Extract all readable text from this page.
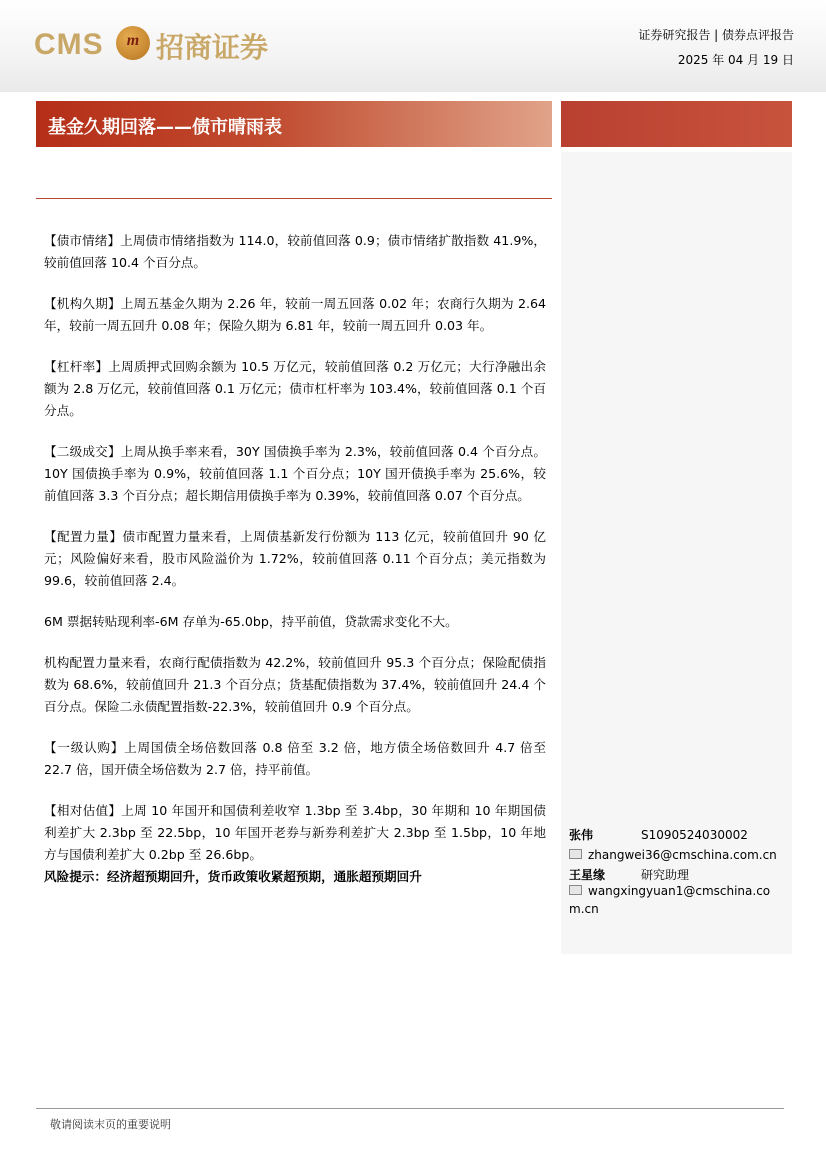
CMS	m 招商证券	证券研究报告 | 债券点评报告
2025 年 04 月 19 日
基金久期回落——债市晴雨表

【债市情绪】上周债市情绪指数为 114.0，较前值回落 0.9；债市情绪扩散指数 41.9%，较前值回落 10.4 个百分点。

【机构久期】上周五基金久期为 2.26 年，较前一周五回落 0.02 年；农商行久期为 2.64 年，较前一周五回升 0.08 年；保险久期为 6.81 年，较前一周五回升 0.03 年。

【杠杆率】上周质押式回购余额为 10.5 万亿元，较前值回落 0.2 万亿元；大行净融出余额为 2.8 万亿元，较前值回落 0.1 万亿元；债市杠杆率为 103.4%，较前值回落 0.1 个百分点。

【二级成交】上周从换手率来看，30Y 国债换手率为 2.3%，较前值回落 0.4 个百分点。10Y 国债换手率为 0.9%，较前值回落 1.1 个百分点；10Y 国开债换手率为 25.6%，较前值回落 3.3 个百分点；超长期信用债换手率为 0.39%，较前值回落 0.07 个百分点。

【配置力量】债市配置力量来看，上周债基新发行份额为 113 亿元，较前值回升 90 亿元；风险偏好来看，股市风险溢价为 1.72%，较前值回落 0.11 个百分点；美元指数为 99.6，较前值回落 2.4。

6M 票据转贴现利率-6M 存单为-65.0bp，持平前值，贷款需求变化不大。

机构配置力量来看，农商行配债指数为 42.2%，较前值回升 95.3 个百分点；保险配债指数为 68.6%，较前值回升 21.3 个百分点；货基配债指数为 37.4%，较前值回升 24.4 个百分点。保险二永债配置指数-22.3%，较前值回升 0.9 个百分点。

【一级认购】上周国债全场倍数回落 0.8 倍至 3.2 倍，地方债全场倍数回升 4.7 倍至 22.7 倍，国开债全场倍数为 2.7 倍，持平前值。

【相对估值】上周 10 年国开和国债利差收窄 1.3bp 至 3.4bp，30 年期和 10 年期国债利差扩大 2.3bp 至 22.5bp，10 年国开老券与新券利差扩大 2.3bp 至 1.5bp，10 年地方与国债利差扩大 0.2bp 至 26.6bp。

风险提示：经济超预期回升，货币政策收紧超预期，通胀超预期回升

张伟	S1090524030002
zhangwei36@cmschina.com.cn
王星缘	研究助理
wangxingyuan1@cmschina.com.cn
敬请阅读末页的重要说明
